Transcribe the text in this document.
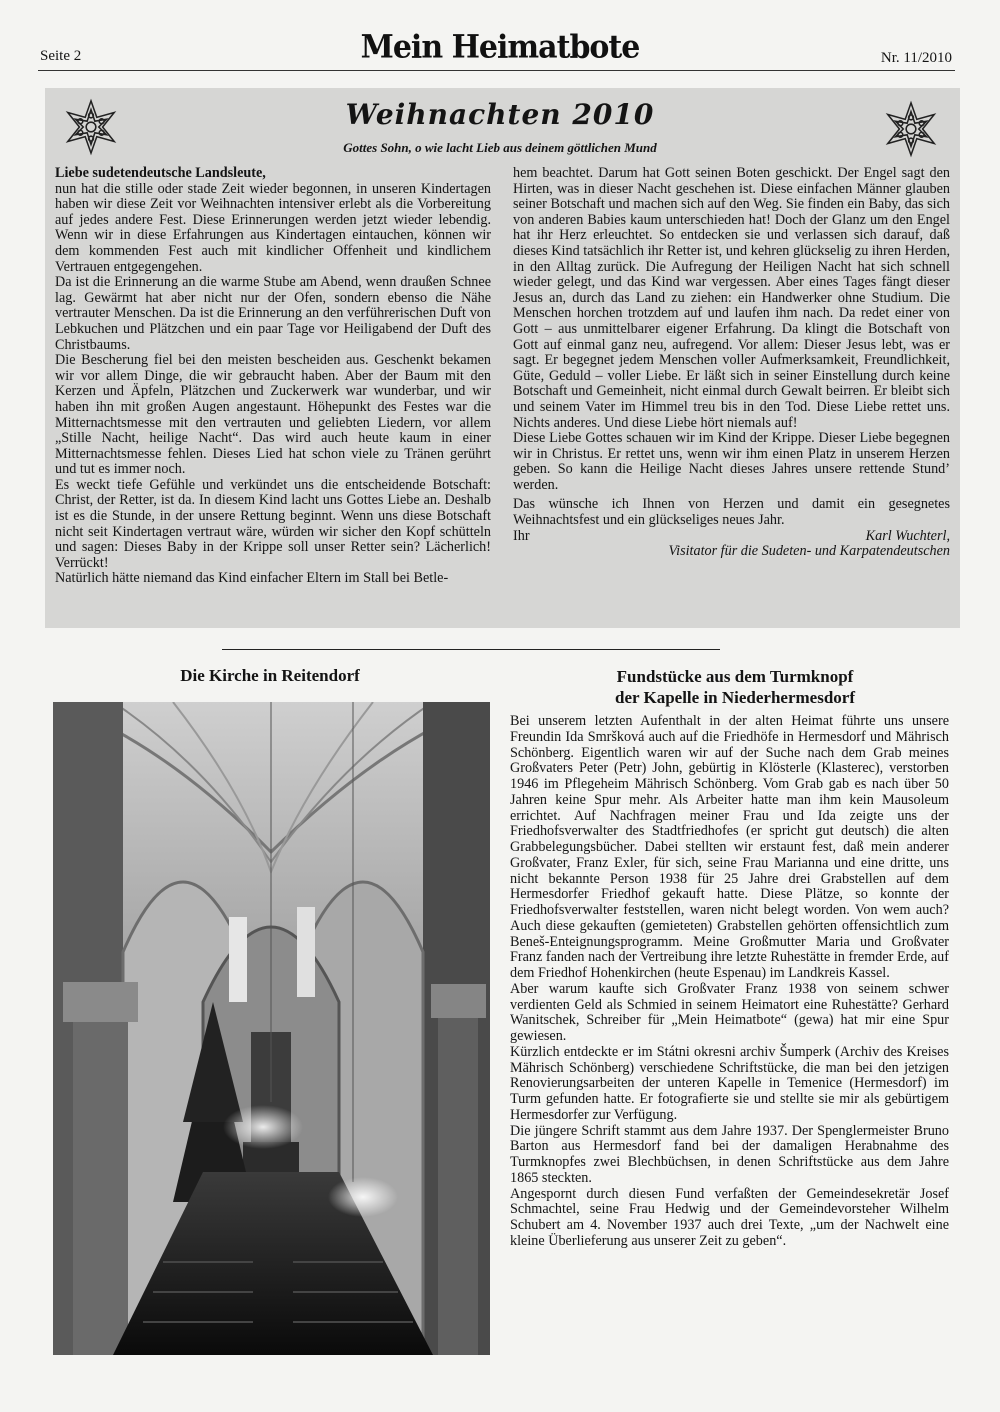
Seite 2	Mein Heimatbote	Nr. 11/2010
Weihnachten 2010
Gottes Sohn, o wie lacht Lieb aus deinem göttlichen Mund

Liebe sudetendeutsche Landsleute,

nun hat die stille oder stade Zeit wieder begonnen, in unseren Kindertagen haben wir diese Zeit vor Weihnachten intensiver erlebt als die Vorbereitung auf jedes andere Fest. Diese Erinnerungen werden jetzt wieder lebendig. Wenn wir in diese Erfahrungen aus Kindertagen eintauchen, können wir dem kommenden Fest auch mit kindlicher Offenheit und kindlichem Vertrauen entgegengehen.

Da ist die Erinnerung an die warme Stube am Abend, wenn draußen Schnee lag. Gewärmt hat aber nicht nur der Ofen, sondern ebenso die Nähe vertrauter Menschen. Da ist die Erinnerung an den verführerischen Duft von Lebkuchen und Plätzchen und ein paar Tage vor Heiligabend der Duft des Christbaums.

Die Bescherung fiel bei den meisten bescheiden aus. Geschenkt bekamen wir vor allem Dinge, die wir gebraucht haben. Aber der Baum mit den Kerzen und Äpfeln, Plätzchen und Zuckerwerk war wunderbar, und wir haben ihn mit großen Augen angestaunt. Höhepunkt des Festes war die Mitternachtsmesse mit den vertrauten und geliebten Liedern, vor allem „Stille Nacht, heilige Nacht“. Das wird auch heute kaum in einer Mitternachtsmesse fehlen. Dieses Lied hat schon viele zu Tränen gerührt und tut es immer noch.

Es weckt tiefe Gefühle und verkündet uns die entscheidende Botschaft: Christ, der Retter, ist da. In diesem Kind lacht uns Gottes Liebe an. Deshalb ist es die Stunde, in der unsere Rettung beginnt. Wenn uns diese Botschaft nicht seit Kindertagen vertraut wäre, würden wir sicher den Kopf schütteln und sagen: Dieses Baby in der Krippe soll unser Retter sein? Lächerlich! Verrückt!

Natürlich hätte niemand das Kind einfacher Eltern im Stall bei Betle-

hem beachtet. Darum hat Gott seinen Boten geschickt. Der Engel sagt den Hirten, was in dieser Nacht geschehen ist. Diese einfachen Männer glauben seiner Botschaft und machen sich auf den Weg. Sie finden ein Baby, das sich von anderen Babies kaum unterschieden hat! Doch der Glanz um den Engel hat ihr Herz erleuchtet. So entdecken sie und verlassen sich darauf, daß dieses Kind tatsächlich ihr Retter ist, und kehren glückselig zu ihren Herden, in den Alltag zurück. Die Aufregung der Heiligen Nacht hat sich schnell wieder gelegt, und das Kind war vergessen. Aber eines Tages fängt dieser Jesus an, durch das Land zu ziehen: ein Handwerker ohne Studium. Die Menschen horchen trotzdem auf und laufen ihm nach. Da redet einer von Gott – aus unmittelbarer eigener Erfahrung. Da klingt die Botschaft von Gott auf einmal ganz neu, aufregend. Vor allem: Dieser Jesus lebt, was er sagt. Er begegnet jedem Menschen voller Aufmerksamkeit, Freundlichkeit, Güte, Geduld – voller Liebe. Er läßt sich in seiner Einstellung durch keine Botschaft und Gemeinheit, nicht einmal durch Gewalt beirren. Er bleibt sich und seinem Vater im Himmel treu bis in den Tod. Diese Liebe rettet uns. Nichts anderes. Und diese Liebe hört niemals auf!

Diese Liebe Gottes schauen wir im Kind der Krippe. Dieser Liebe begegnen wir in Christus. Er rettet uns, wenn wir ihm einen Platz in unserem Herzen geben. So kann die Heilige Nacht dieses Jahres unsere rettende Stund’ werden.

Das wünsche ich Ihnen von Herzen und damit ein gesegnetes Weihnachtsfest und ein glückseliges neues Jahr.

Ihr	Karl Wuchterl,

Visitator für die Sudeten- und Karpatendeutschen

Die Kirche in Reitendorf	Fundstücke aus dem Turmknopf
der Kapelle in Niederhermesdorf

Bei unserem letzten Aufenthalt in der alten Heimat führte uns unsere Freundin Ida Smršková auch auf die Friedhöfe in Hermesdorf und Mährisch Schönberg. Eigentlich waren wir auf der Suche nach dem Grab meines Großvaters Peter (Petr) John, gebürtig in Klösterle (Klasterec), verstorben 1946 im Pflegeheim Mährisch Schönberg. Vom Grab gab es nach über 50 Jahren keine Spur mehr. Als Arbeiter hatte man ihm kein Mausoleum errichtet. Auf Nachfragen meiner Frau und Ida zeigte uns der Friedhofsverwalter des Stadtfriedhofes (er spricht gut deutsch) die alten Grabbelegungsbücher. Dabei stellten wir erstaunt fest, daß mein anderer Großvater, Franz Exler, für sich, seine Frau Marianna und eine dritte, uns nicht bekannte Person 1938 für 25 Jahre drei Grabstellen auf dem Hermesdorfer Friedhof gekauft hatte. Diese Plätze, so konnte der Friedhofsverwalter feststellen, waren nicht belegt worden. Von wem auch? Auch diese gekauften (gemieteten) Grabstellen gehörten offensichtlich zum Beneš-Enteignungsprogramm. Meine Großmutter Maria und Großvater Franz fanden nach der Vertreibung ihre letzte Ruhestätte in fremder Erde, auf dem Friedhof Hohenkirchen (heute Espenau) im Landkreis Kassel.

Aber warum kaufte sich Großvater Franz 1938 von seinem schwer verdienten Geld als Schmied in seinem Heimatort eine Ruhestätte? Gerhard Wanitschek, Schreiber für „Mein Heimatbote“ (gewa) hat mir eine Spur gewiesen.

Kürzlich entdeckte er im Státni okresni archiv Šumperk (Archiv des Kreises Mährisch Schönberg) verschiedene Schriftstücke, die man bei den jetzigen Renovierungsarbeiten der unteren Kapelle in Temenice (Hermesdorf) im Turm gefunden hatte. Er fotografierte sie und stellte sie mir als gebürtigem Hermesdorfer zur Verfügung.

Die jüngere Schrift stammt aus dem Jahre 1937. Der Spenglermeister Bruno Barton aus Hermesdorf fand bei der damaligen Herabnahme des Turmknopfes zwei Blechbüchsen, in denen Schriftstücke aus dem Jahre 1865 steckten.

Angespornt durch diesen Fund verfaßten der Gemeindesekretär Josef Schmachtel, seine Frau Hedwig und der Gemeindevorsteher Wilhelm Schubert am 4. November 1937 auch drei Texte, „um der Nachwelt eine kleine Überlieferung aus unserer Zeit zu geben“.
